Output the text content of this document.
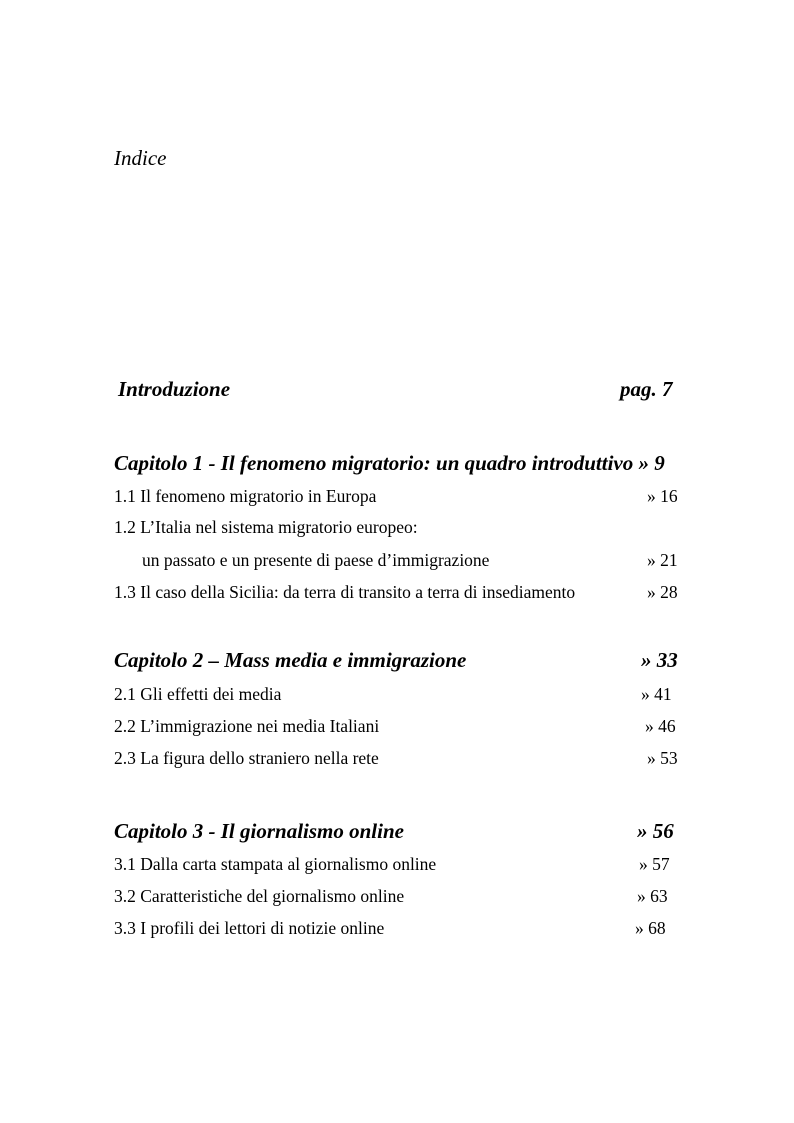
Indice
Introduzione	pag. 7
Capitolo 1 - Il fenomeno migratorio: un quadro introduttivo » 9
1.1 Il fenomeno migratorio in Europa	» 16
1.2 L’Italia nel sistema migratorio europeo:
un passato e un presente di paese d’immigrazione	» 21
1.3 Il caso della Sicilia: da terra di transito a terra di insediamento	» 28
Capitolo 2 – Mass media e immigrazione	» 33
2.1 Gli effetti dei media	» 41
2.2 L’immigrazione nei media Italiani	» 46
2.3 La figura dello straniero nella rete	» 53
Capitolo 3 - Il giornalismo online	» 56
3.1 Dalla carta stampata al giornalismo online	» 57
3.2 Caratteristiche del giornalismo online	» 63
3.3 I profili dei lettori di notizie online	» 68
